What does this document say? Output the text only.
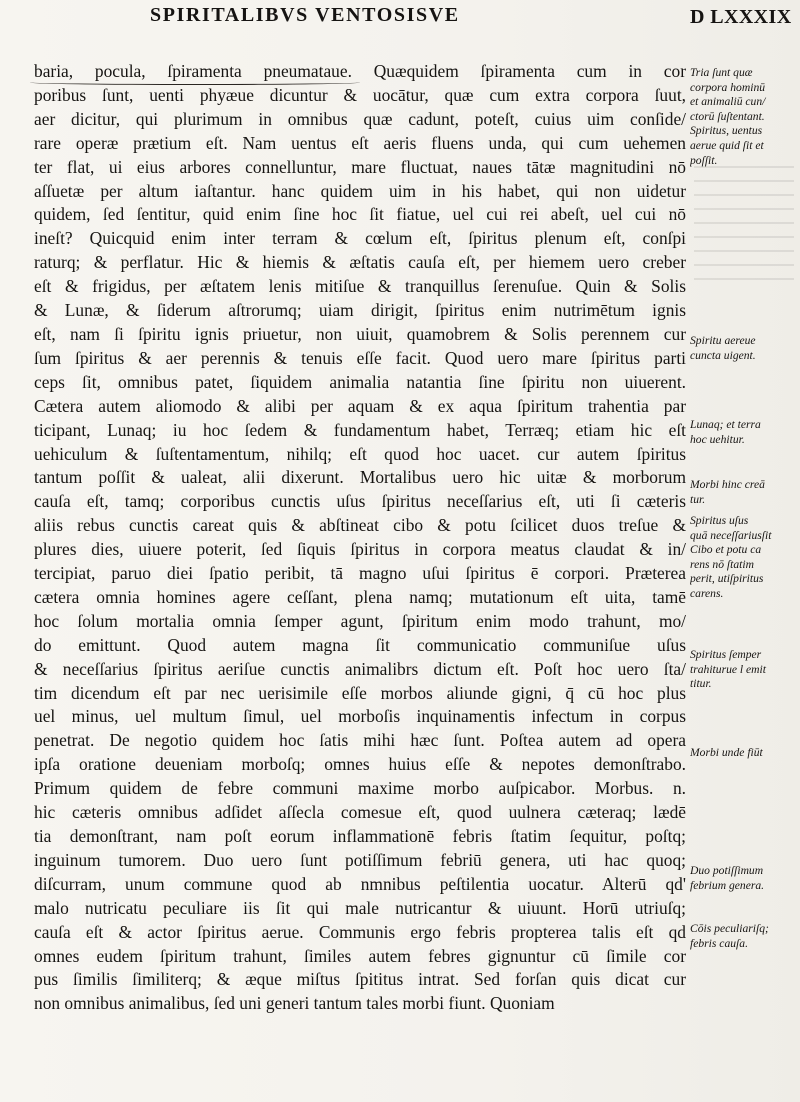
SPIRITALIBVS VENTOSISVE	D LXXXIX
baria, pocula, ſpiramenta pneumataue. Quæquidem ſpiramenta cum in cor
poribus ſunt, uenti phyæue dicuntur & uocātur, quæ cum extra corpora ſuut,
aer dicitur, qui plurimum in omnibus quæ cadunt, poteſt, cuius uim conſide/
rare operæ prætium eſt. Nam uentus eſt aeris fluens unda, qui cum uehemen
ter flat, ui eius arbores connelluntur, mare fluctuat, naues tātæ magnitudini nō
aſſuetæ per altum iaſtantur. hanc quidem uim in his habet, qui non uidetur
quidem, ſed ſentitur, quid enim ſine hoc ſit fiatue, uel cui rei abeſt, uel cui nō
ineſt? Quicquid enim inter terram & cœlum eſt, ſpiritus plenum eſt, conſpi
raturq; & perflatur. Hic & hiemis & æſtatis cauſa eſt, per hiemem uero creber
eſt & frigidus, per æſtatem lenis mitiſue & tranquillus ſerenuſue. Quin & Solis
& Lunæ, & ſiderum aſtrorumq; uiam dirigit, ſpiritus enim nutrimētum ignis
eſt, nam ſi ſpiritu ignis priuetur, non uiuit, quamobrem & Solis perennem cur
ſum ſpiritus & aer perennis & tenuis eſſe facit. Quod uero mare ſpiritus parti
ceps ſit, omnibus patet, ſiquidem animalia natantia ſine ſpiritu non uiuerent.
Cætera autem aliomodo & alibi per aquam & ex aqua ſpiritum trahentia par
ticipant, Lunaq; iu hoc ſedem & fundamentum habet, Terræq; etiam hic eſt
uehiculum & ſuſtentamentum, nihilq; eſt quod hoc uacet. cur autem ſpiritus
tantum poſſit & ualeat, alii dixerunt. Mortalibus uero hic uitæ & morborum
cauſa eſt, tamq; corporibus cunctis uſus ſpiritus neceſſarius eſt, uti ſi cæteris
aliis rebus cunctis careat quis & abſtineat cibo & potu ſcilicet duos treſue &
plures dies, uiuere poterit, ſed ſiquis ſpiritus in corpora meatus claudat & in/
tercipiat, paruo diei ſpatio peribit, tā magno uſui ſpiritus ē corpori. Præterea
cætera omnia homines agere ceſſant, plena namq; mutationum eſt uita, tamē
hoc ſolum mortalia omnia ſemper agunt, ſpiritum enim modo trahunt, mo/
do emittunt. Quod autem magna ſit communicatio communiſue uſus
& neceſſarius ſpiritus aeriſue cunctis animalibrs dictum eſt. Poſt hoc uero ſta/
tim dicendum eſt par nec uerisimile eſſe morbos aliunde gigni, q̄ cū hoc plus
uel minus, uel multum ſimul, uel morboſis inquinamentis infectum in corpus
penetrat. De negotio quidem hoc ſatis mihi hæc ſunt. Poſtea autem ad opera
ipſa oratione deueniam morboſq; omnes huius eſſe & nepotes demonſtrabo.
Primum quidem de febre communi maxime morbo auſpicabor. Morbus. n.
hic cæteris omnibus adſidet aſſecla comesue eſt, quod uulnera cæteraq; lædē
tia demonſtrant, nam poſt eorum inflammationē febris ſtatim ſequitur, poſtq;
inguinum tumorem. Duo uero ſunt potiſſimum febriū genera, uti hac quoq;
diſcurram, unum commune quod ab nmnibus peſtilentia uocatur. Alterū qd'
malo nutricatu peculiare iis ſit qui male nutricantur & uiuunt. Horū utriuſq;
cauſa eſt & actor ſpiritus aerue. Communis ergo febris propterea talis eſt qd
omnes eudem ſpiritum trahunt, ſimiles autem febres gignuntur cū ſimile cor
pus ſimilis ſimiliterq; & æque miſtus ſpititus intrat. Sed forſan quis dicat cur
non omnibus animalibus, ſed uni generi tantum tales morbi fiunt. Quoniam
Tria ſunt quæ
corpora hominū
et animaliū cun/
ctorū ſuſtentant.
Spiritus, uentus
aerue quid ſit et
poſſit.
Spiritu aereue
cuncta uigent.
Lunaq; et terra
hoc uehitur.
Morbi hinc creā
tur.
Spiritus uſus
quā neceſſariusſit
Cibo et potu ca
rens nō ſtatim
perit, utiſpiritus
carens.
Spiritus ſemper
trahiturue l emit
titur.
Morbi unde fiūt
Duo potiſſimum
febrium genera.
Cōis peculiariſq;
febris cauſa.
